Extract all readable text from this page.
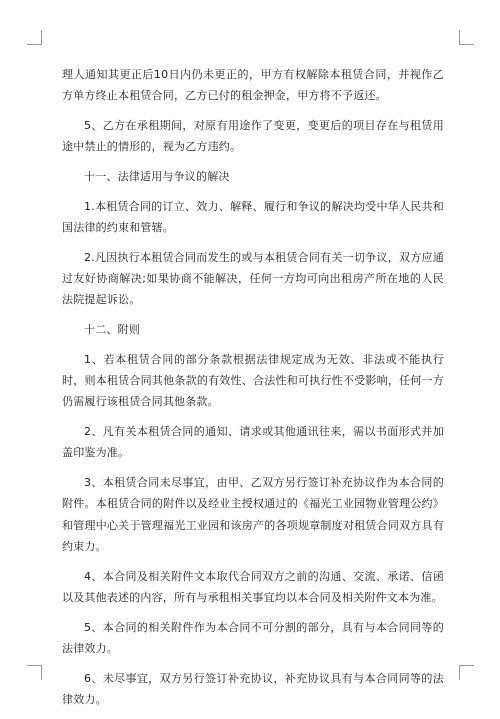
理人通知其更正后10日内仍未更正的，甲方有权解除本租赁合同，并视作乙方单方终止本租赁合同，乙方已付的租金押金，甲方将不予返还。

5、乙方在承租期间，对原有用途作了变更，变更后的项目存在与租赁用途中禁止的情形的，视为乙方违约。

十一、法律适用与争议的解决

1.本租赁合同的订立、效力、解释、履行和争议的解决均受中华人民共和国法律的约束和管辖。

2.凡因执行本租赁合同而发生的或与本租赁合同有关一切争议，双方应通过友好协商解决;如果协商不能解决，任何一方均可向出租房产所在地的人民法院提起诉讼。

十二、附则

1、若本租赁合同的部分条款根据法律规定成为无效、非法或不能执行时，则本租赁合同其他条款的有效性、合法性和可执行性不受影响，任何一方仍需履行该租赁合同其他条款。

2、凡有关本租赁合同的通知、请求或其他通讯往来，需以书面形式并加盖印鉴为准。

3、本租赁合同未尽事宜，由甲、乙双方另行签订补充协议作为本合同的附件。本租赁合同的附件以及经业主授权通过的《福光工业园物业管理公约》和管理中心关于管理福光工业园和该房产的各项规章制度对租赁合同双方具有约束力。

4、本合同及相关附件文本取代合同双方之前的沟通、交流、承诺、信函以及其他表述的内容，所有与承租相关事宜均以本合同及相关附件文本为准。

5、本合同的相关附件作为本合同不可分割的部分，具有与本合同同等的法律效力。

6、未尽事宜，双方另行签订补充协议，补充协议具有与本合同同等的法律效力。
